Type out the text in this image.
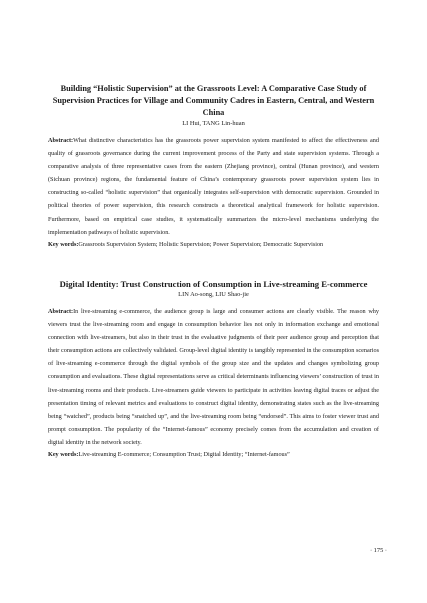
Building “Holistic Supervision” at the Grassroots Level: A Comparative Case Study of Supervision Practices for Village and Community Cadres in Eastern, Central, and Western China

LI Hui, TANG Lin-huan

Abstract:What distinctive characteristics has the grassroots power supervision system manifested to affect the effectiveness and quality of grassroots governance during the current improvement process of the Party and state supervision systems. Through a comparative analysis of three representative cases from the eastern (Zhejiang province), central (Hunan province), and western (Sichuan province) regions, the fundamental feature of China’s contemporary grassroots power supervision system lies in constructing so-called “holistic supervision” that organically integrates self-supervision with democratic supervision. Grounded in political theories of power supervision, this research constructs a theoretical analytical framework for holistic supervision. Furthermore, based on empirical case studies, it systematically summarizes the micro-level mechanisms underlying the implementation pathways of holistic supervision.

Key words:Grassroots Supervision System; Holistic Supervision; Power Supervision; Democratic Supervision

Digital Identity: Trust Construction of Consumption in Live-streaming E-commerce

LIN Ao-song, LIU Shao-jie

Abstract:In live-streaming e-commerce, the audience group is large and consumer actions are clearly visible. The reason why viewers trust the live-streaming room and engage in consumption behavior lies not only in information exchange and emotional connection with live-streamers, but also in their trust in the evaluative judgments of their peer audience group and perception that their consumption actions are collectively validated. Group-level digital identity is tangibly represented in the consumption scenarios of live-streaming e-commerce through the digital symbols of the group size and the updates and changes symbolizing group consumption and evaluations. These digital representations serve as critical determinants influencing viewers’ construction of trust in live-streaming rooms and their products. Live-streamers guide viewers to participate in activities leaving digital traces or adjust the presentation timing of relevant metrics and evaluations to construct digital identity, demonstrating states such as the live-streaming being “watched”, products being “snatched up”, and the live-streaming room being “endorsed”. This aims to foster viewer trust and prompt consumption. The popularity of the “Internet-famous” economy precisely comes from the accumulation and creation of digital identity in the network society.

Key words:Live-streaming E-commerce; Consumption Trust; Digital Identity; “Internet-famous”

· 175 ·
